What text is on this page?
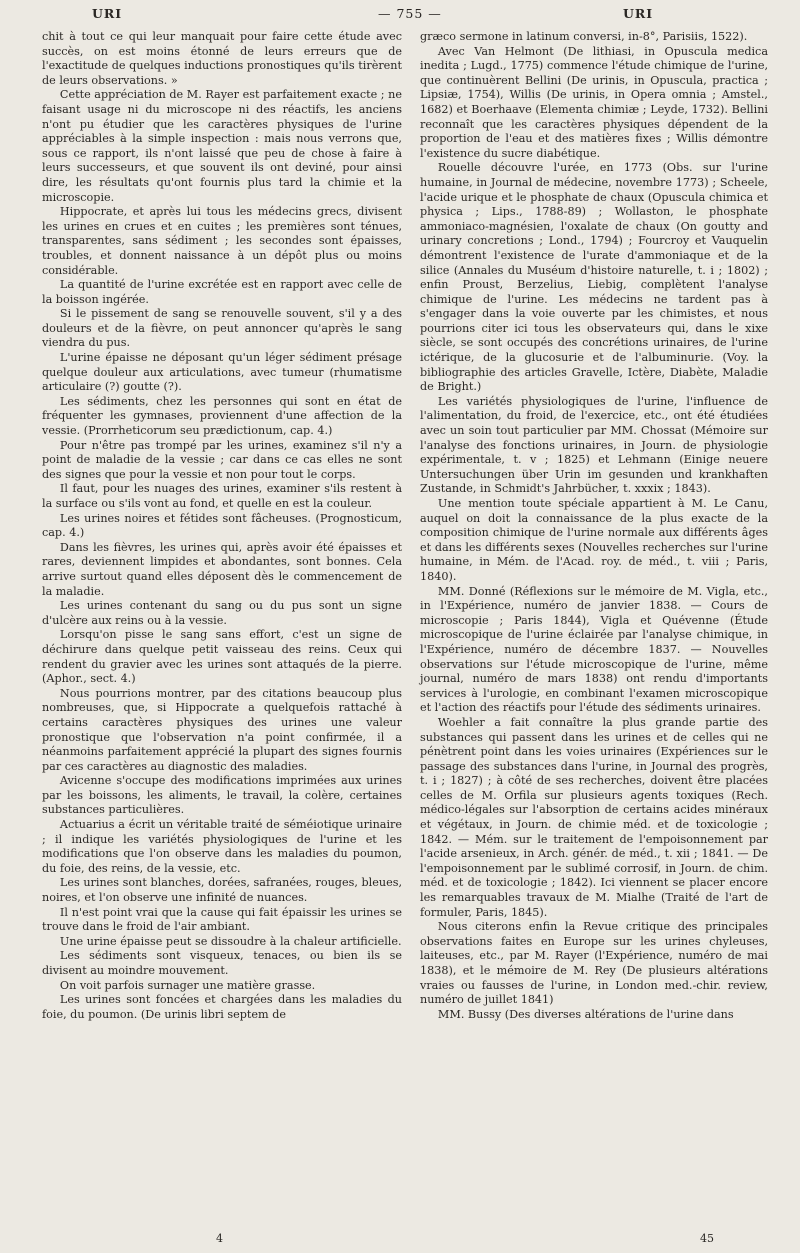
URI	— 755 —	URI

chit à tout ce qui leur manquait pour faire cette étude avec succès, on est moins étonné de leurs erreurs que de l'exactitude de quelques inductions pronostiques qu'ils tirèrent de leurs observations. »

Cette appréciation de M. Rayer est parfaitement exacte ; ne faisant usage ni du microscope ni des réactifs, les anciens n'ont pu étudier que les caractères physiques de l'urine appréciables à la simple inspection : mais nous verrons que, sous ce rapport, ils n'ont laissé que peu de chose à faire à leurs successeurs, et que souvent ils ont deviné, pour ainsi dire, les résultats qu'ont fournis plus tard la chimie et la microscopie.

Hippocrate, et après lui tous les médecins grecs, divisent les urines en crues et en cuites ; les premières sont ténues, transparentes, sans sédiment ; les secondes sont épaisses, troubles, et donnent naissance à un dépôt plus ou moins considérable.

La quantité de l'urine excrétée est en rapport avec celle de la boisson ingérée.

Si le pissement de sang se renouvelle souvent, s'il y a des douleurs et de la fièvre, on peut annoncer qu'après le sang viendra du pus.

L'urine épaisse ne déposant qu'un léger sédiment présage quelque douleur aux articulations, avec tumeur (rhumatisme articulaire (?) goutte (?).

Les sédiments, chez les personnes qui sont en état de fréquenter les gymnases, proviennent d'une affection de la vessie. (Prorrheticorum seu prædictionum, cap. 4.)

Pour n'être pas trompé par les urines, examinez s'il n'y a point de maladie de la vessie ; car dans ce cas elles ne sont des signes que pour la vessie et non pour tout le corps.

Il faut, pour les nuages des urines, examiner s'ils restent à la surface ou s'ils vont au fond, et quelle en est la couleur.

Les urines noires et fétides sont fâcheuses. (Prognosticum, cap. 4.)

Dans les fièvres, les urines qui, après avoir été épaisses et rares, deviennent limpides et abondantes, sont bonnes. Cela arrive surtout quand elles déposent dès le commencement de la maladie.

Les urines contenant du sang ou du pus sont un signe d'ulcère aux reins ou à la vessie.

Lorsqu'on pisse le sang sans effort, c'est un signe de déchirure dans quelque petit vaisseau des reins. Ceux qui rendent du gravier avec les urines sont attaqués de la pierre. (Aphor., sect. 4.)

Nous pourrions montrer, par des citations beaucoup plus nombreuses, que, si Hippocrate a quelquefois rattaché à certains caractères physiques des urines une valeur pronostique que l'observation n'a point confirmée, il a néanmoins parfaitement apprécié la plupart des signes fournis par ces caractères au diagnostic des maladies.

Avicenne s'occupe des modifications imprimées aux urines par les boissons, les aliments, le travail, la colère, certaines substances particulières.

Actuarius a écrit un véritable traité de séméiotique urinaire ; il indique les variétés physiologiques de l'urine et les modifications que l'on observe dans les maladies du poumon, du foie, des reins, de la vessie, etc.

Les urines sont blanches, dorées, safranées, rouges, bleues, noires, et l'on observe une infinité de nuances.

Il n'est point vrai que la cause qui fait épaissir les urines se trouve dans le froid de l'air ambiant.

Une urine épaisse peut se dissoudre à la chaleur artificielle.

Les sédiments sont visqueux, tenaces, ou bien ils se divisent au moindre mouvement.

On voit parfois surnager une matière grasse.

Les urines sont foncées et chargées dans les maladies du foie, du poumon. (De urinis libri septem de

græco sermone in latinum conversi, in-8°, Parisiis, 1522).

Avec Van Helmont (De lithiasi, in Opuscula medica inedita ; Lugd., 1775) commence l'étude chimique de l'urine, que continuèrent Bellini (De urinis, in Opuscula, practica ; Lipsiæ, 1754), Willis (De urinis, in Opera omnia ; Amstel., 1682) et Boerhaave (Elementa chimiæ ; Leyde, 1732). Bellini reconnaît que les caractères physiques dépendent de la proportion de l'eau et des matières fixes ; Willis démontre l'existence du sucre diabétique.

Rouelle découvre l'urée, en 1773 (Obs. sur l'urine humaine, in Journal de médecine, novembre 1773) ; Scheele, l'acide urique et le phosphate de chaux (Opuscula chimica et physica ; Lips., 1788-89) ; Wollaston, le phosphate ammoniaco-magnésien, l'oxalate de chaux (On goutty and urinary concretions ; Lond., 1794) ; Fourcroy et Vauquelin démontrent l'existence de l'urate d'ammoniaque et de la silice (Annales du Muséum d'histoire naturelle, t. i ; 1802) ; enfin Proust, Berzelius, Liebig, complètent l'analyse chimique de l'urine. Les médecins ne tardent pas à s'engager dans la voie ouverte par les chimistes, et nous pourrions citer ici tous les observateurs qui, dans le xixe siècle, se sont occupés des concrétions urinaires, de l'urine ictérique, de la glucosurie et de l'albuminurie. (Voy. la bibliographie des articles Gravelle, Ictère, Diabète, Maladie de Bright.)

Les variétés physiologiques de l'urine, l'influence de l'alimentation, du froid, de l'exercice, etc., ont été étudiées avec un soin tout particulier par MM. Chossat (Mémoire sur l'analyse des fonctions urinaires, in Journ. de physiologie expérimentale, t. v ; 1825) et Lehmann (Einige neuere Untersuchungen über Urin im gesunden und krankhaften Zustande, in Schmidt's Jahrbücher, t. xxxix ; 1843).

Une mention toute spéciale appartient à M. Le Canu, auquel on doit la connaissance de la plus exacte de la composition chimique de l'urine normale aux différents âges et dans les différents sexes (Nouvelles recherches sur l'urine humaine, in Mém. de l'Acad. roy. de méd., t. viii ; Paris, 1840).

MM. Donné (Réflexions sur le mémoire de M. Vigla, etc., in l'Expérience, numéro de janvier 1838. — Cours de microscopie ; Paris 1844), Vigla et Quévenne (Étude microscopique de l'urine éclairée par l'analyse chimique, in l'Expérience, numéro de décembre 1837. — Nouvelles observations sur l'étude microscopique de l'urine, même journal, numéro de mars 1838) ont rendu d'importants services à l'urologie, en combinant l'examen microscopique et l'action des réactifs pour l'étude des sédiments urinaires.

Woehler a fait connaître la plus grande partie des substances qui passent dans les urines et de celles qui ne pénètrent point dans les voies urinaires (Expériences sur le passage des substances dans l'urine, in Journal des progrès, t. i ; 1827) ; à côté de ses recherches, doivent être placées celles de M. Orfila sur plusieurs agents toxiques (Rech. médico-légales sur l'absorption de certains acides minéraux et végétaux, in Journ. de chimie méd. et de toxicologie ; 1842. — Mém. sur le traitement de l'empoisonnement par l'acide arsenieux, in Arch. génér. de méd., t. xii ; 1841. — De l'empoisonnement par le sublimé corrosif, in Journ. de chim. méd. et de toxicologie ; 1842). Ici viennent se placer encore les remarquables travaux de M. Mialhe (Traité de l'art de formuler, Paris, 1845).

Nous citerons enfin la Revue critique des principales observations faites en Europe sur les urines chyleuses, laiteuses, etc., par M. Rayer (l'Expérience, numéro de mai 1838), et le mémoire de M. Rey (De plusieurs altérations vraies ou fausses de l'urine, in London med.-chir. review, numéro de juillet 1841)

MM. Bussy (Des diverses altérations de l'urine dans

4	45
